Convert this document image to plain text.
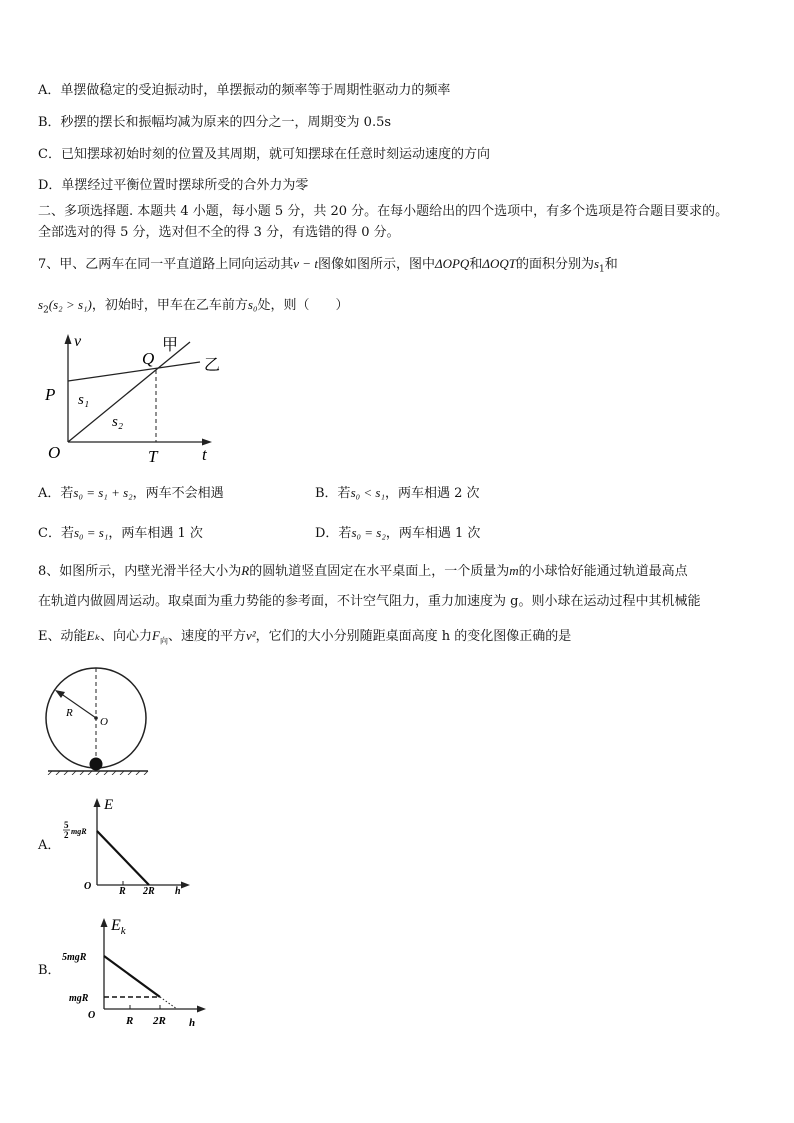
A．单摆做稳定的受迫振动时，单摆振动的频率等于周期性驱动力的频率
B．秒摆的摆长和振幅均减为原来的四分之一，周期变为 0.5s
C．已知摆球初始时刻的位置及其周期，就可知摆球在任意时刻运动速度的方向
D．单摆经过平衡位置时摆球所受的合外力为零
二、多项选择题. 本题共 4 小题，每小题 5 分，共 20 分。在每小题给出的四个选项中，有多个选项是符合题目要求的。
全部选对的得 5 分，选对但不全的得 3 分，有选错的得 0 分。
7、甲、乙两车在同一平直道路上同向运动其v − t图像如图所示，图中ΔOPQ和ΔOQT的面积分别为$s_1$和
$s_2(s_2 > s_1)$，初始时，甲车在乙车前方s₀处，则（　　）
v
P
Q
甲
乙
s₁
s₂
O	T	t
A．若s₀ = s₁ + s₂，两车不会相遇	B．若s₀ < s₁，两车相遇 2 次
C．若s₀ = s₁，两车相遇 1 次	D．若s₀ = s₂，两车相遇 1 次
8、如图所示，内壁光滑半径大小为R的圆轨道竖直固定在水平桌面上，一个质量为m的小球恰好能通过轨道最高点
在轨道内做圆周运动。取桌面为重力势能的参考面，不计空气阻力，重力加速度为 g。则小球在运动过程中其机械能
E、动能Eₖ、向心力$F_向$、速度的平方v²，它们的大小分别随距桌面高度 h 的变化图像正确的是
R
O
A．
E
5
2 mgR
O	R 2R h
B．
$E_k$
5mgR
mgR
O	R 2R h
